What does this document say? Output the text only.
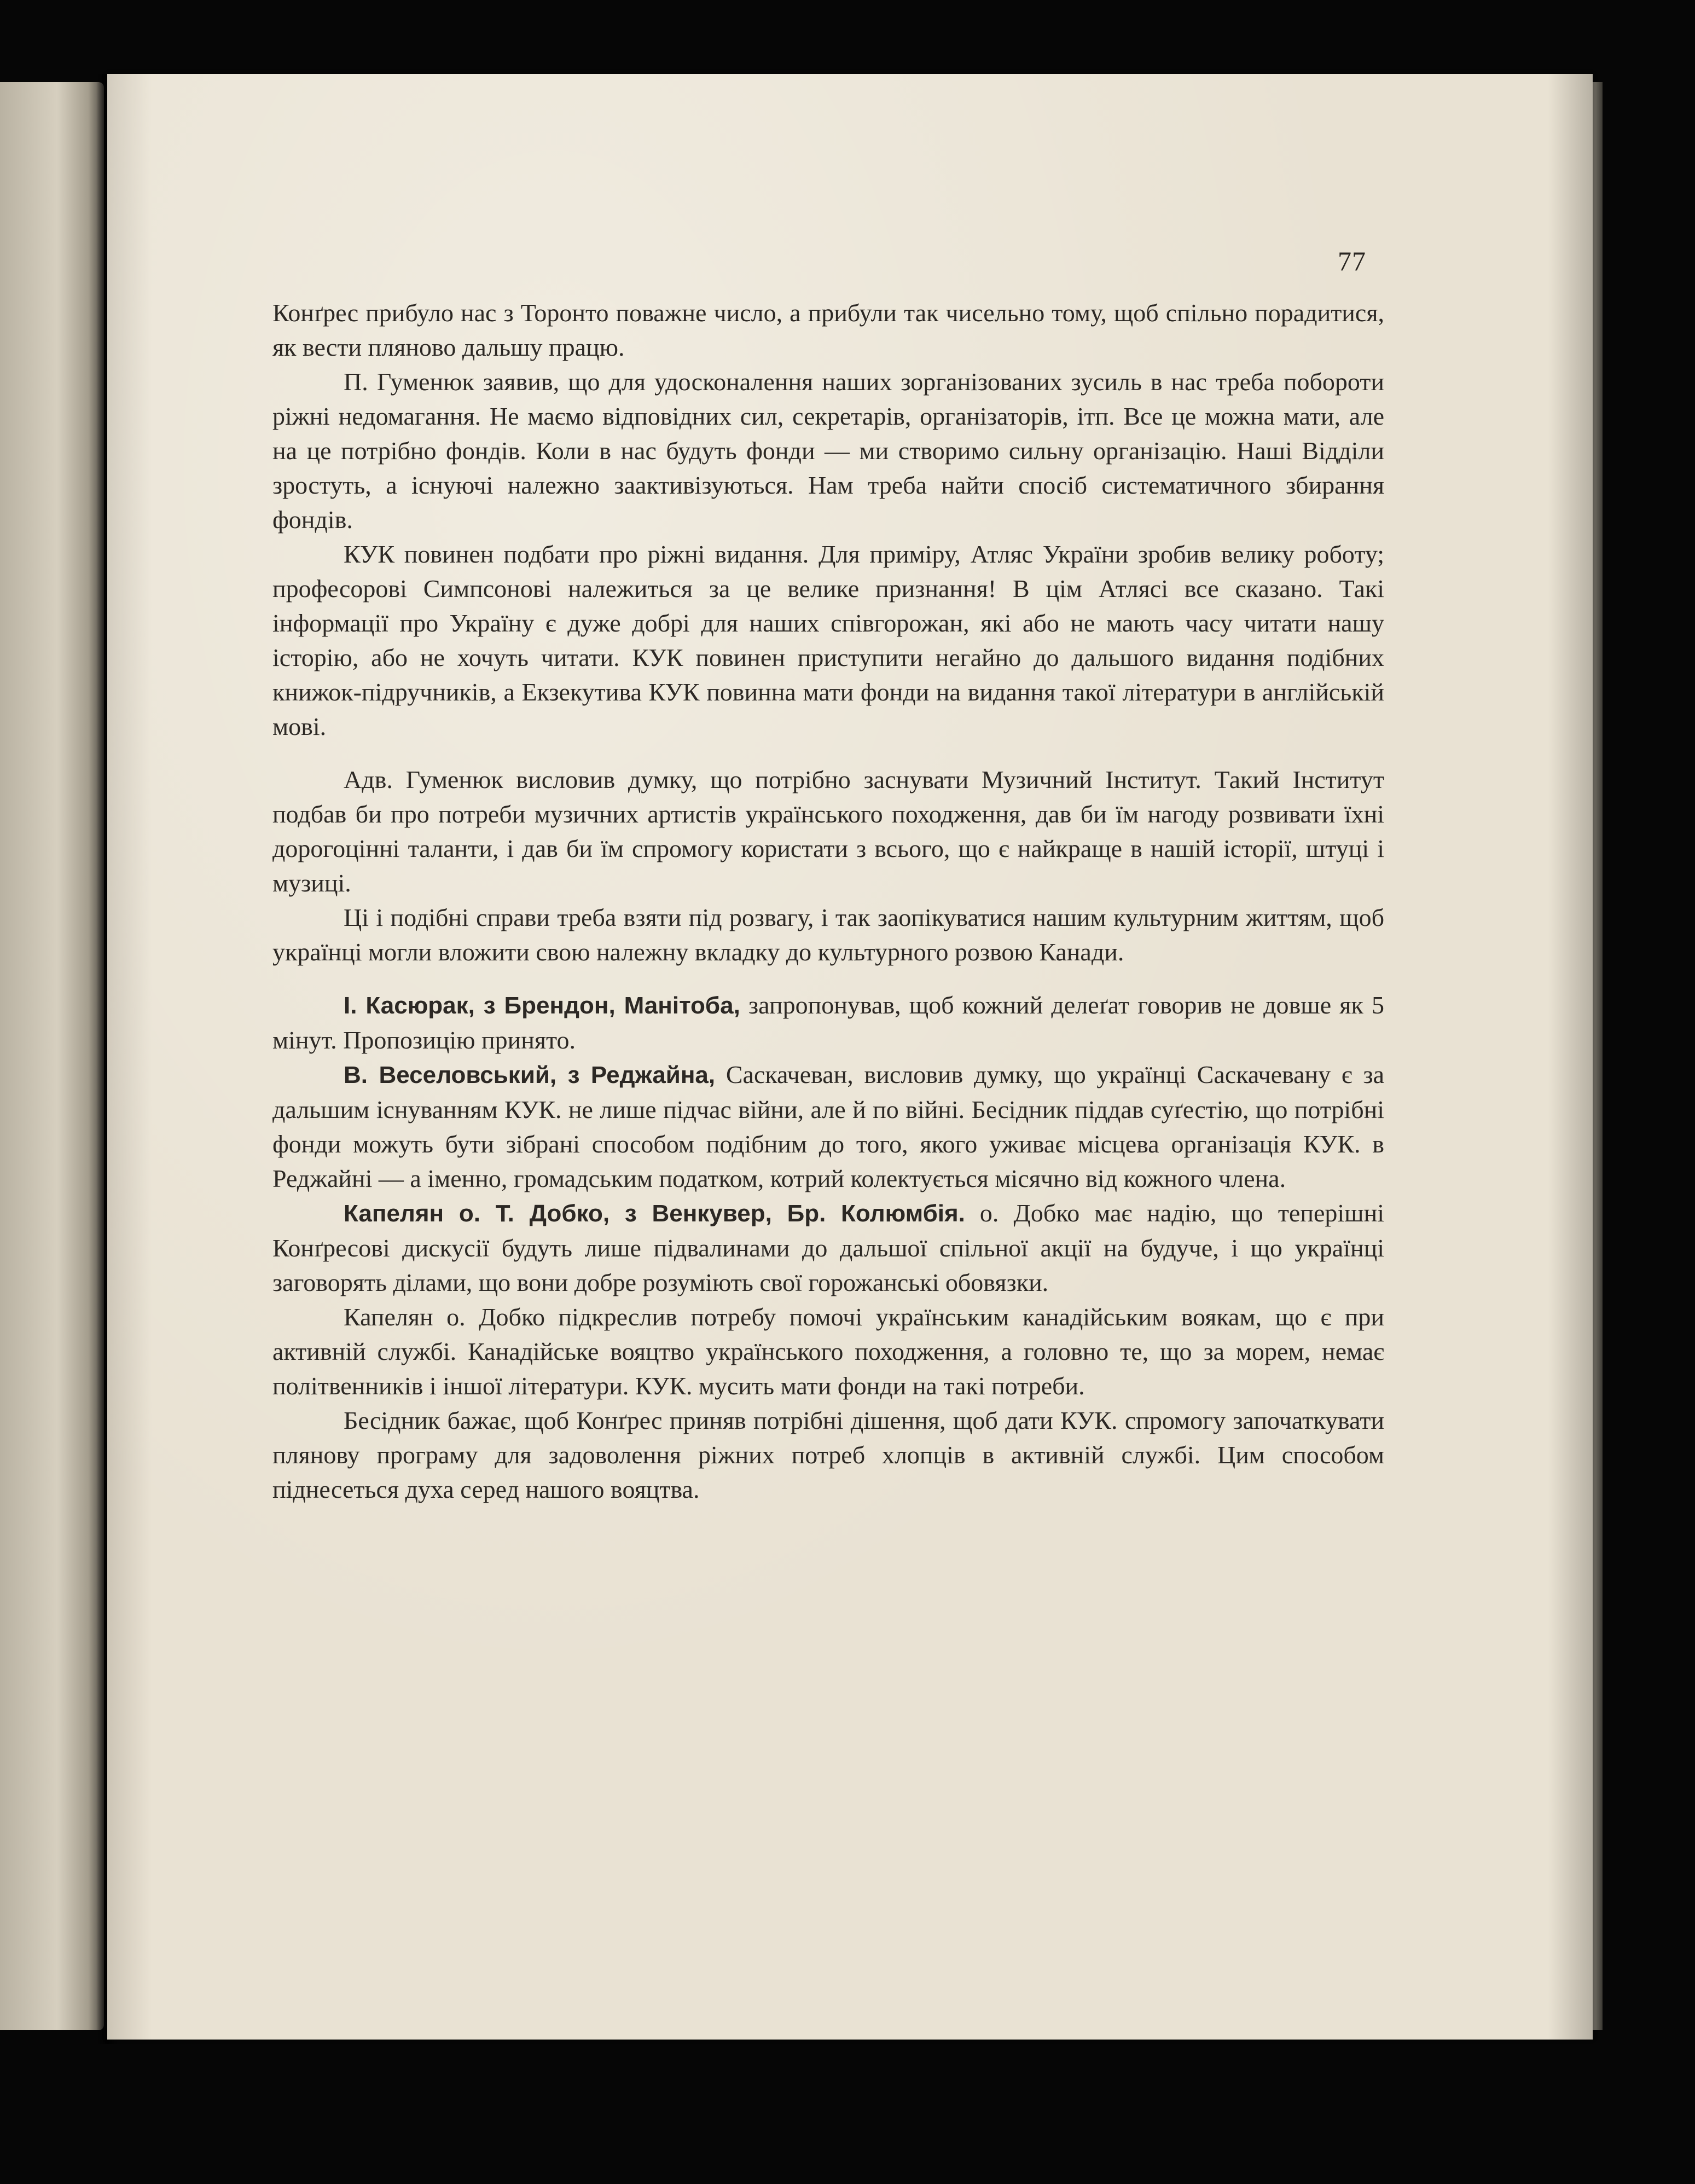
77

Конґрес прибуло нас з Торонто поважне число, а прибули так чисельно тому, щоб спільно порадитися, як вести пляново дальшу працю.

П. Гуменюк заявив, що для удосконалення наших зорганізованих зусиль в нас треба побороти ріжні недомагання. Не маємо відповідних сил, секретарів, організаторів, ітп. Все це можна мати, але на це потрібно фондів. Коли в нас будуть фонди — ми створимо сильну організацію. Наші Відділи зростуть, а існуючі належно заактивізуються. Нам треба найти спосіб систематичного збирання фондів.

КУК повинен подбати про ріжні видання. Для приміру, Атляс України зробив велику роботу; професорові Симпсонові належиться за це велике признання! В цім Атлясі все сказано. Такі інформації про Україну є дуже добрі для наших співгорожан, які або не мають часу читати нашу історію, або не хочуть читати. КУК повинен приступити негайно до дальшого видання подібних книжок-підручників, а Екзекутива КУК повинна мати фонди на видання такої літератури в англійській мові.

Адв. Гуменюк висловив думку, що потрібно заснувати Музичний Інститут. Такий Інститут подбав би про потреби музичних артистів українського походження, дав би їм нагоду розвивати їхні дорогоцінні таланти, і дав би їм спромогу користати з всього, що є найкраще в нашій історії, штуці і музиці.

Ці і подібні справи треба взяти під розвагу, і так заопікуватися нашим культурним життям, щоб українці могли вложити свою належну вкладку до культурного розвою Канади.

І. Касюрак, з Брендон, Манітоба, запропонував, щоб кожний делеґат говорив не довше як 5 мінут. Пропозицію принято.

В. Веселовський, з Реджайна, Саскачеван, висловив думку, що українці Саскачевану є за дальшим існуванням КУК. не лише підчас війни, але й по війні. Бесідник піддав суґестію, що потрібні фонди можуть бути зібрані способом подібним до того, якого уживає місцева організація КУК. в Реджайні — а іменно, громадським податком, котрий колектується місячно від кожного члена.

Капелян о. Т. Добко, з Венкувер, Бр. Колюмбія. о. Добко має надію, що теперішні Конґресові дискусії будуть лише підвалинами до дальшої спільної акції на будуче, і що українці заговорять ділами, що вони добре розуміють свої горожанські обовязки.

Капелян о. Добко підкреслив потребу помочі українським канадійським воякам, що є при активній службі. Канадійське вояцтво українського походження, а головно те, що за морем, немає політвенників і іншої літератури. КУК. мусить мати фонди на такі потреби.

Бесідник бажає, щоб Конґрес приняв потрібні дішення, щоб дати КУК. спромогу започаткувати плянову програму для задоволення ріжних потреб хлопців в активній службі. Цим способом піднесеться духа серед нашого вояцтва.
